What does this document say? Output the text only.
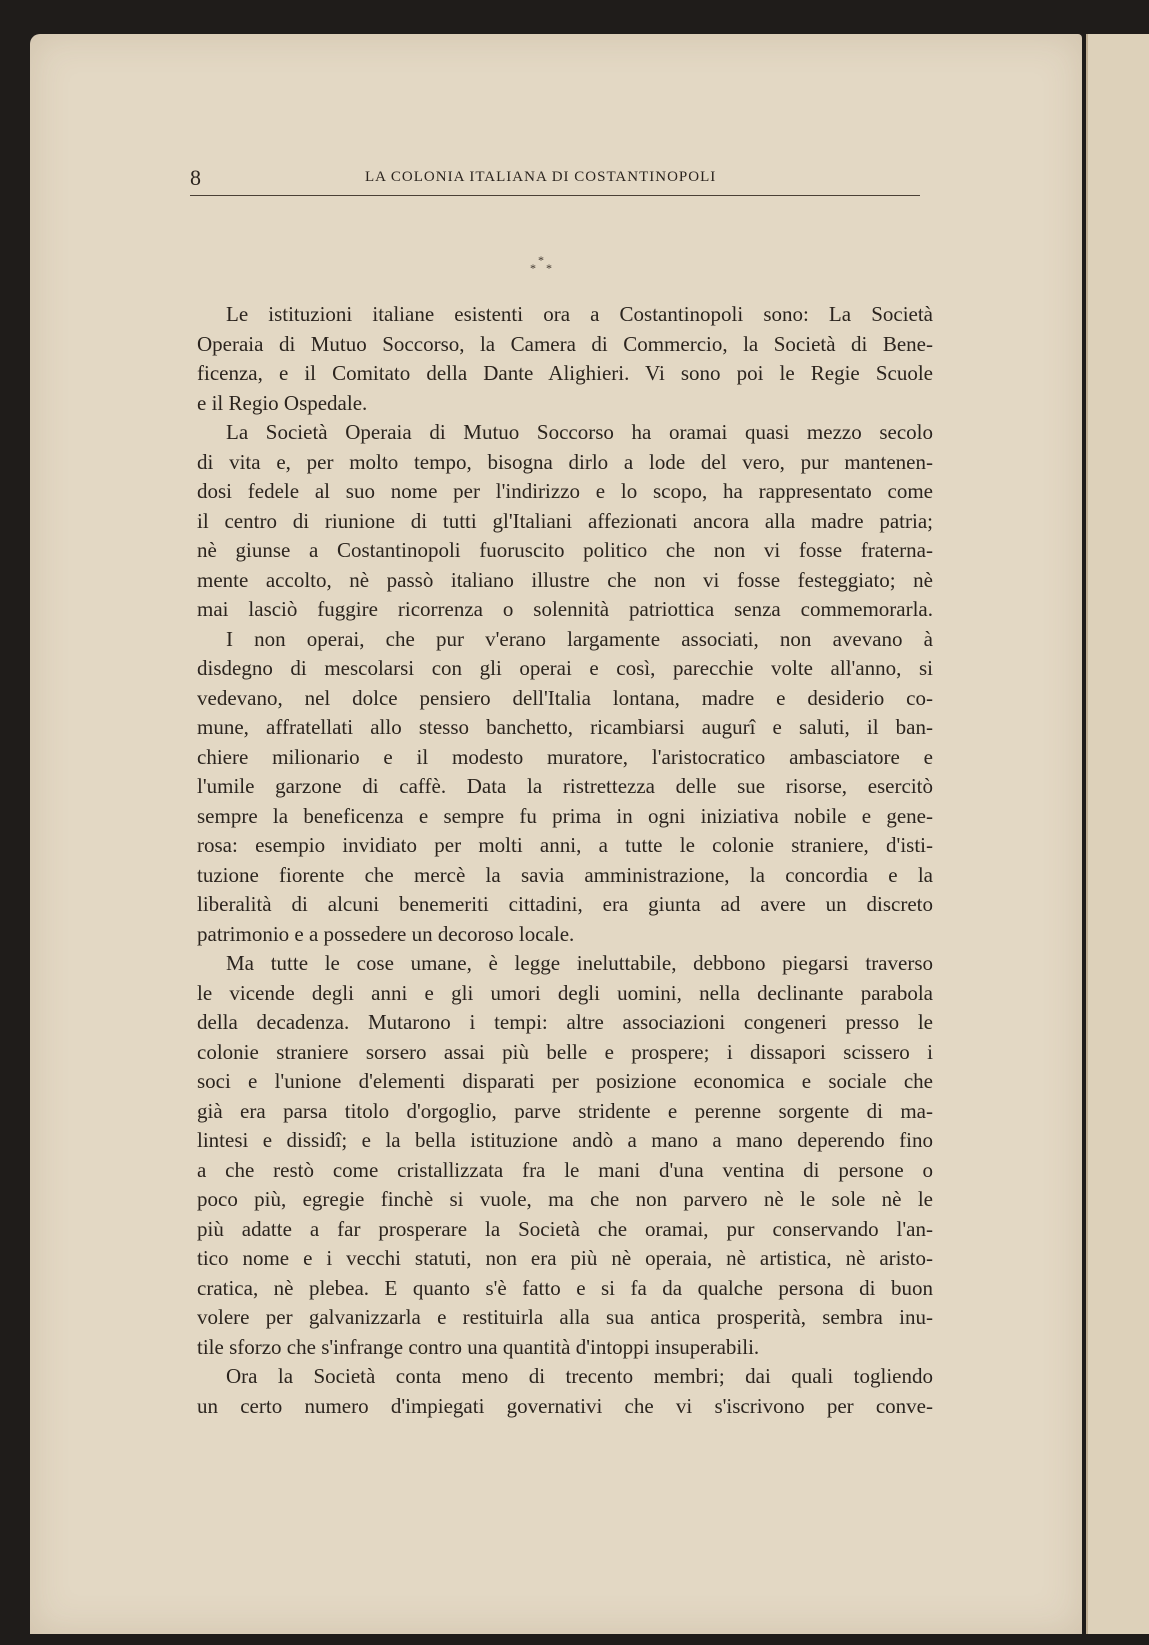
8	LA COLONIA ITALIANA DI COSTANTINOPOLI
*
* *
Le istituzioni italiane esistenti ora a Costantinopoli sono: La Società
Operaia di Mutuo Soccorso, la Camera di Commercio, la Società di Bene-
ficenza, e il Comitato della Dante Alighieri. Vi sono poi le Regie Scuole
e il Regio Ospedale.
La Società Operaia di Mutuo Soccorso ha oramai quasi mezzo secolo
di vita e, per molto tempo, bisogna dirlo a lode del vero, pur mantenen-
dosi fedele al suo nome per l'indirizzo e lo scopo, ha rappresentato come
il centro di riunione di tutti gl'Italiani affezionati ancora alla madre patria;
nè giunse a Costantinopoli fuoruscito politico che non vi fosse fraterna-
mente accolto, nè passò italiano illustre che non vi fosse festeggiato; nè
mai lasciò fuggire ricorrenza o solennità patriottica senza commemorarla.
I non operai, che pur v'erano largamente associati, non avevano à
disdegno di mescolarsi con gli operai e così, parecchie volte all'anno, si
vedevano, nel dolce pensiero dell'Italia lontana, madre e desiderio co-
mune, affratellati allo stesso banchetto, ricambiarsi augurî e saluti, il ban-
chiere milionario e il modesto muratore, l'aristocratico ambasciatore e
l'umile garzone di caffè. Data la ristrettezza delle sue risorse, esercitò
sempre la beneficenza e sempre fu prima in ogni iniziativa nobile e gene-
rosa: esempio invidiato per molti anni, a tutte le colonie straniere, d'isti-
tuzione fiorente che mercè la savia amministrazione, la concordia e la
liberalità di alcuni benemeriti cittadini, era giunta ad avere un discreto
patrimonio e a possedere un decoroso locale.
Ma tutte le cose umane, è legge ineluttabile, debbono piegarsi traverso
le vicende degli anni e gli umori degli uomini, nella declinante parabola
della decadenza. Mutarono i tempi: altre associazioni congeneri presso le
colonie straniere sorsero assai più belle e prospere; i dissapori scissero i
soci e l'unione d'elementi disparati per posizione economica e sociale che
già era parsa titolo d'orgoglio, parve stridente e perenne sorgente di ma-
lintesi e dissidî; e la bella istituzione andò a mano a mano deperendo fino
a che restò come cristallizzata fra le mani d'una ventina di persone o
poco più, egregie finchè si vuole, ma che non parvero nè le sole nè le
più adatte a far prosperare la Società che oramai, pur conservando l'an-
tico nome e i vecchi statuti, non era più nè operaia, nè artistica, nè aristo-
cratica, nè plebea. E quanto s'è fatto e si fa da qualche persona di buon
volere per galvanizzarla e restituirla alla sua antica prosperità, sembra inu-
tile sforzo che s'infrange contro una quantità d'intoppi insuperabili.
Ora la Società conta meno di trecento membri; dai quali togliendo
un certo numero d'impiegati governativi che vi s'iscrivono per conve-
